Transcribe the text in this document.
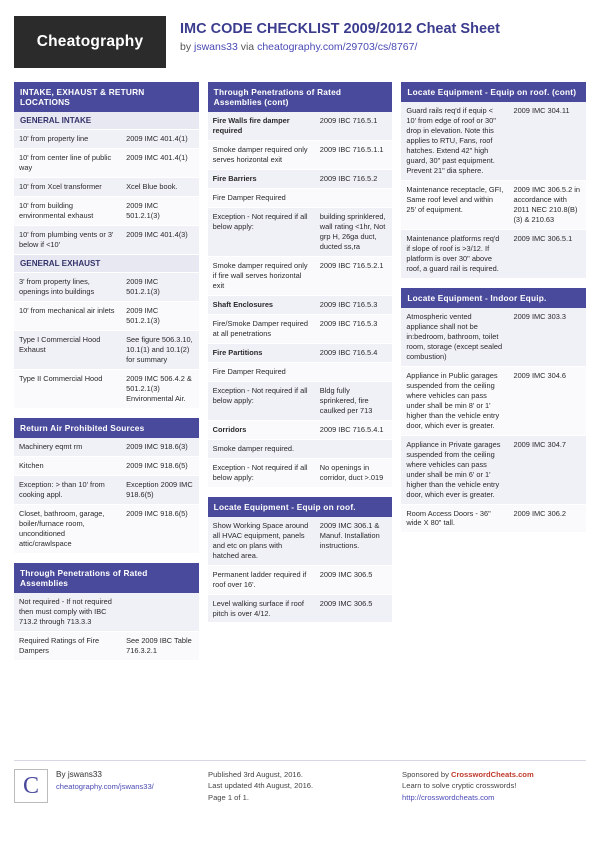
Cheatography
IMC CODE CHECKLIST 2009/2012 Cheat Sheet
by jswans33 via cheatography.com/29703/cs/8767/
INTAKE, EXHAUST & RETURN LOCATIONS
GENERAL INTAKE
10' from property line	2009 IMC 401.4(1)
10' from center line of public way	2009 IMC 401.4(1)
10' from Xcel transformer	Xcel Blue book.
10' from building environmental exhaust	2009 IMC 501.2.1(3)
10' from plumbing vents or 3' below if <10'	2009 IMC 401.4(3)
GENERAL EXHAUST
3' from property lines, openings into buildings	2009 IMC 501.2.1(3)
10' from mechanical air inlets	2009 IMC 501.2.1(3)
Type I Commercial Hood Exhaust	See figure 506.3.10, 10.1(1) and 10.1(2) for summary
Type II Commercial Hood	2009 IMC 506.4.2 & 501.2.1(3) Environmental Air.
Return Air Prohibited Sources
Machinery eqmt rm	2009 IMC 918.6(3)
Kitchen	2009 IMC 918.6(5)
Exception: > than 10' from cooking appl.	Exception 2009 IMC 918.6(5)
Closet, bathroom, garage, boiler/furnace room, unconditioned attic/crawlspace	2009 IMC 918.6(5)
Through Penetrations of Rated Assemblies
Not required - If not required then must comply with IBC 713.2 through 713.3.3	
Required Ratings of Fire Dampers	See 2009 IBC Table 716.3.2.1
Through Penetrations of Rated Assemblies (cont)
Fire Walls fire damper required	2009 IBC 716.5.1
Smoke damper required only serves horizontal exit	2009 IBC 716.5.1.1
Fire Barriers	2009 IBC 716.5.2
Fire Damper Required	
Exception - Not required if all below apply:	building sprinklered, wall rating <1hr, Not grp H, 26ga duct, ducted ss,ra
Smoke damper required only if fire wall serves horizontal exit	2009 IBC 716.5.2.1
Shaft Enclosures	2009 IBC 716.5.3
Fire/Smoke Damper required at all penetrations	2009 IBC 716.5.3
Fire Partitions	2009 IBC 716.5.4
Fire Damper Required	
Exception - Not required if all below apply:	Bldg fully sprinkered, fire caulked per 713
Corridors	2009 IBC 716.5.4.1
Smoke damper required.	
Exception - Not required if all below apply:	No openings in corridor, duct >.019
Locate Equipment - Equip on roof.
Show Working Space around all HVAC equipment, panels and etc on plans with hatched area.	2009 IMC 306.1 & Manuf. Installation instructions.
Permanent ladder required if roof over 16'.	2009 IMC 306.5
Level walking surface if roof pitch is over 4/12.	2009 IMC 306.5
Locate Equipment - Equip on roof. (cont)
Guard rails req'd if equip < 10' from edge of roof or 30" drop in elevation. Note this applies to RTU, Fans, roof hatches. Extend 42" high guard, 30" past equipment. Prevent 21" dia sphere.	2009 IMC 304.11
Maintenance receptacle, GFI, Same roof level and within 25' of equipment.	2009 IMC 306.5.2 in accordance with 2011 NEC 210.8(B)(3) & 210.63
Maintenance platforms req'd if slope of roof is >3/12. If platform is over 30" above roof, a guard rail is required.	2009 IMC 306.5.1
Locate Equipment - Indoor Equip.
Atmospheric vented appliance shall not be in:bedroom, bathroom, toilet room, storage (except sealed combustion)	2009 IMC 303.3
Appliance in Public garages suspended from the ceiling where vehicles can pass under shall be min 8' or 1' higher than the vehicle entry door, which ever is greater.	2009 IMC 304.6
Appliance in Private garages suspended from the ceiling where vehicles can pass under shall be min 6' or 1' higher than the vehicle entry door, which ever is greater.	2009 IMC 304.7
Room Access Doors - 36" wide X 80" tall.	2009 IMC 306.2
C	By jswans33
cheatography.com/jswans33/
Published 3rd August, 2016.
Last updated 4th August, 2016.
Page 1 of 1.
Sponsored by CrosswordCheats.com
Learn to solve cryptic crosswords!
http://crosswordcheats.com
